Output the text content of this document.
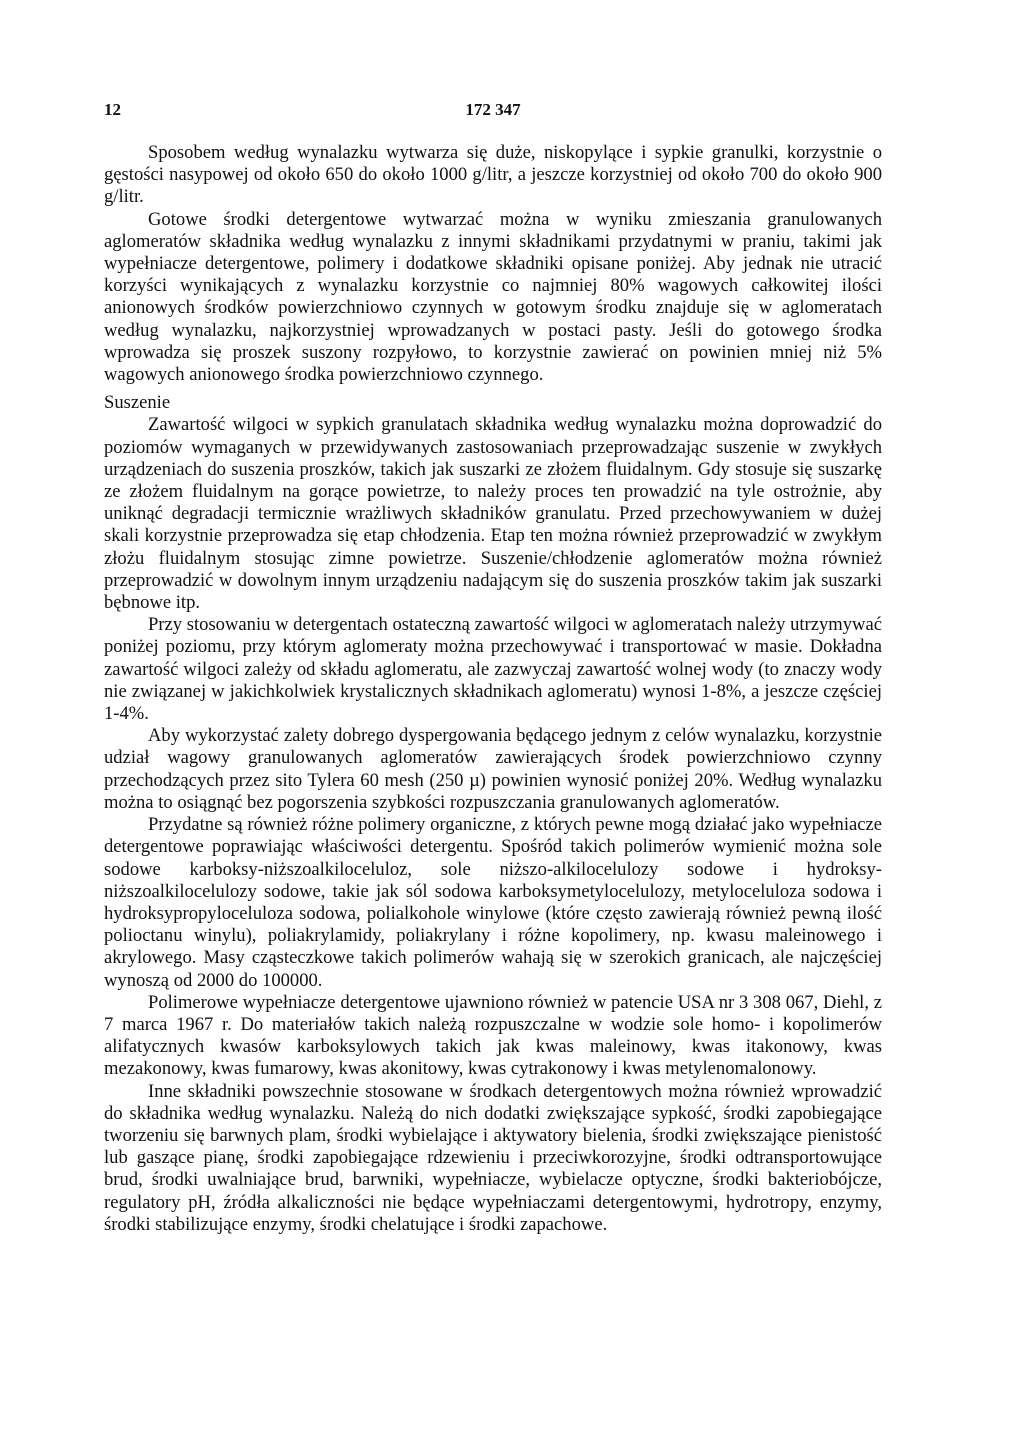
12	172 347

Sposobem według wynalazku wytwarza się duże, niskopylące i sypkie granulki, korzystnie o gęstości nasypowej od około 650 do około 1000 g/litr, a jeszcze korzystniej od około 700 do około 900 g/litr.

Gotowe środki detergentowe wytwarzać można w wyniku zmieszania granulowanych aglomeratów składnika według wynalazku z innymi składnikami przydatnymi w praniu, takimi jak wypełniacze detergentowe, polimery i dodatkowe składniki opisane poniżej. Aby jednak nie utracić korzyści wynikających z wynalazku korzystnie co najmniej 80% wagowych całkowitej ilości anionowych środków powierzchniowo czynnych w gotowym środku znajduje się w aglomeratach według wynalazku, najkorzystniej wprowadzanych w postaci pasty. Jeśli do gotowego środka wprowadza się proszek suszony rozpyłowo, to korzystnie zawierać on powinien mniej niż 5% wagowych anionowego środka powierzchniowo czynnego.

Suszenie

Zawartość wilgoci w sypkich granulatach składnika według wynalazku można doprowadzić do poziomów wymaganych w przewidywanych zastosowaniach przeprowadzając suszenie w zwykłych urządzeniach do suszenia proszków, takich jak suszarki ze złożem fluidalnym. Gdy stosuje się suszarkę ze złożem fluidalnym na gorące powietrze, to należy proces ten prowadzić na tyle ostrożnie, aby uniknąć degradacji termicznie wrażliwych składników granulatu. Przed przechowywaniem w dużej skali korzystnie przeprowadza się etap chłodzenia. Etap ten można również przeprowadzić w zwykłym złożu fluidalnym stosując zimne powietrze. Suszenie/chłodzenie aglomeratów można również przeprowadzić w dowolnym innym urządzeniu nadającym się do suszenia proszków takim jak suszarki bębnowe itp.

Przy stosowaniu w detergentach ostateczną zawartość wilgoci w aglomeratach należy utrzymywać poniżej poziomu, przy którym aglomeraty można przechowywać i transportować w masie. Dokładna zawartość wilgoci zależy od składu aglomeratu, ale zazwyczaj zawartość wolnej wody (to znaczy wody nie związanej w jakichkolwiek krystalicznych składnikach aglomeratu) wynosi 1-8%, a jeszcze częściej 1-4%.

Aby wykorzystać zalety dobrego dyspergowania będącego jednym z celów wynalazku, korzystnie udział wagowy granulowanych aglomeratów zawierających środek powierzchniowo czynny przechodzących przez sito Tylera 60 mesh (250 µ) powinien wynosić poniżej 20%. Według wynalazku można to osiągnąć bez pogorszenia szybkości rozpuszczania granulowanych aglomeratów.

Przydatne są również różne polimery organiczne, z których pewne mogą działać jako wypełniacze detergentowe poprawiając właściwości detergentu. Spośród takich polimerów wymienić można sole sodowe karboksy-niższoalkilocelulоz, sole niższo-alkilocelulozy sodowe i hydroksy-niższoalkilocelulozy sodowe, takie jak sól sodowa karboksymetylocelulozy, metyloceluloza sodowa i hydroksypropyloceluloza sodowa, polialkohole winylowe (które często zawierają również pewną ilość polioctanu winylu), poliakrylamidy, poliakrylany i różne kopolimery, np. kwasu maleinowego i akrylowego. Masy cząsteczkowe takich polimerów wahają się w szerokich granicach, ale najczęściej wynoszą od 2000 do 100000.

Polimerowe wypełniacze detergentowe ujawniono również w patencie USA nr 3 308 067, Diehl, z 7 marca 1967 r. Do materiałów takich należą rozpuszczalne w wodzie sole homo- i kopolimerów alifatycznych kwasów karboksylowych takich jak kwas maleinowy, kwas itakonowy, kwas mezakonowy, kwas fumarowy, kwas akonitowy, kwas cytrakonowy i kwas metylenomalonowy.

Inne składniki powszechnie stosowane w środkach detergentowych można również wprowadzić do składnika według wynalazku. Należą do nich dodatki zwiększające sypkość, środki zapobiegające tworzeniu się barwnych plam, środki wybielające i aktywatory bielenia, środki zwiększające pienistość lub gaszące pianę, środki zapobiegające rdzewieniu i przeciwkorozyjne, środki odtransportowujące brud, środki uwalniające brud, barwniki, wypełniacze, wybielacze optyczne, środki bakteriobójcze, regulatory pH, źródła alkaliczności nie będące wypełniaczami detergentowymi, hydrotropy, enzymy, środki stabilizujące enzymy, środki chelatujące i środki zapachowe.
